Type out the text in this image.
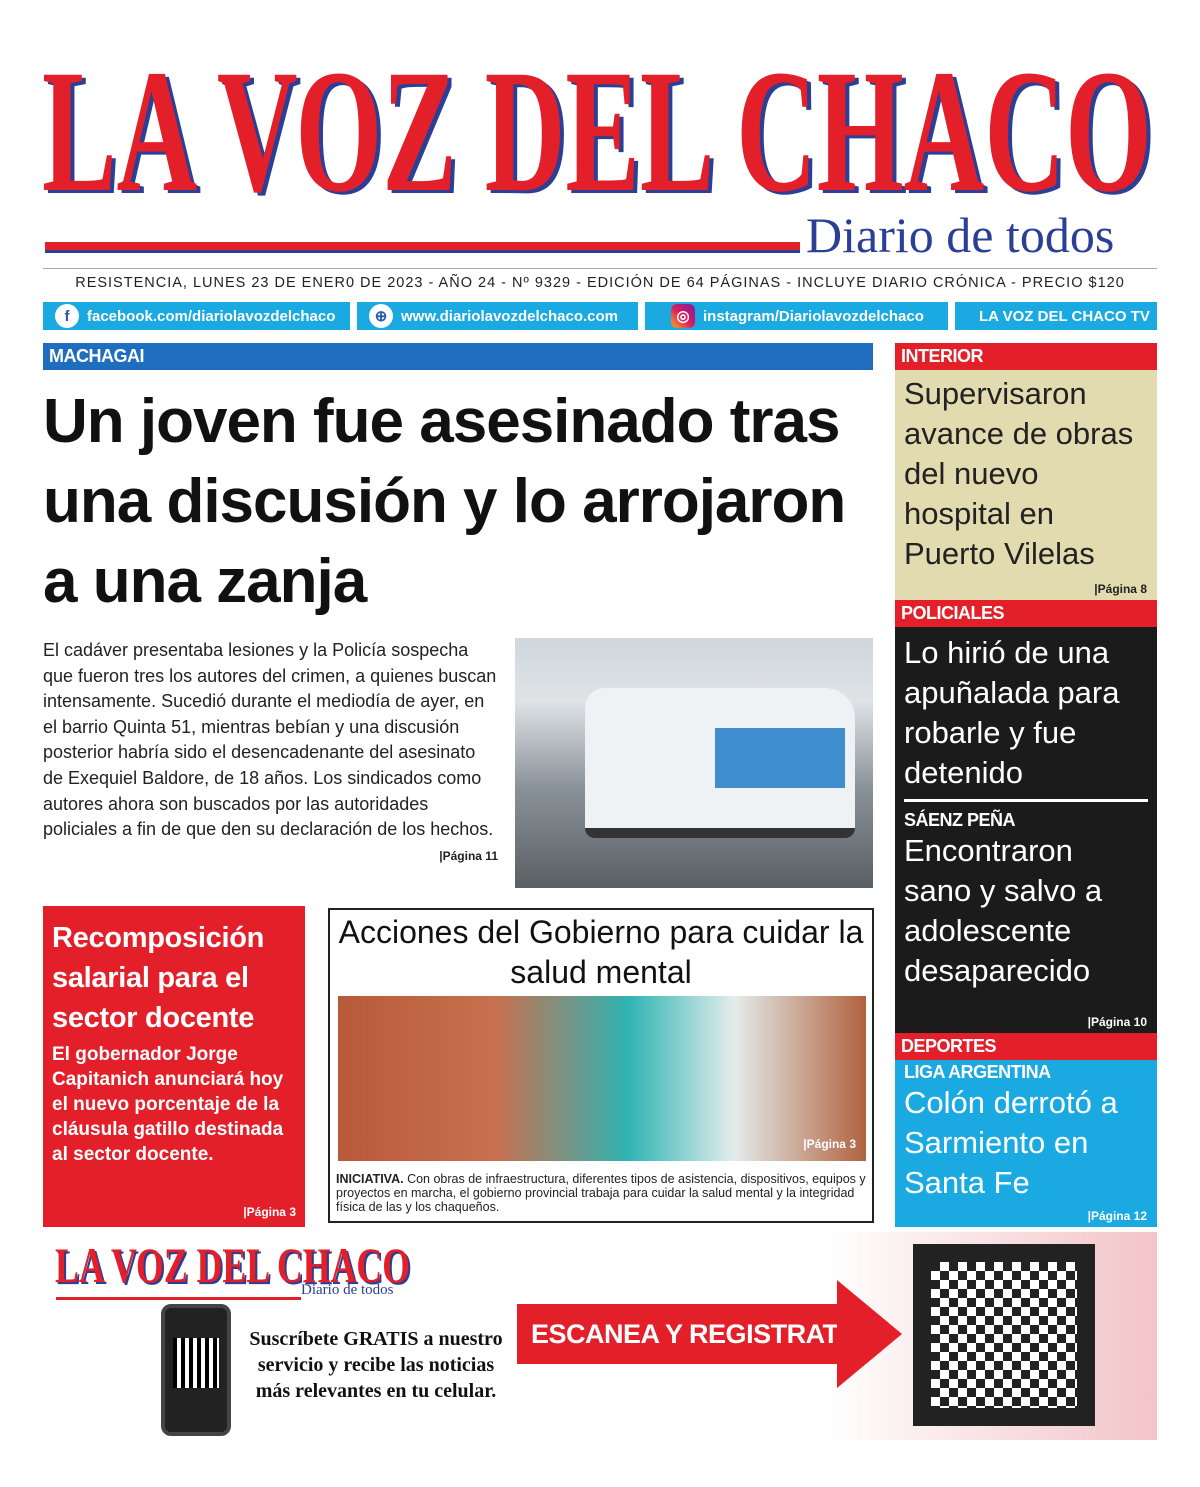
LA VOZ DEL CHACO
Diario de todos
RESISTENCIA, LUNES 23 DE ENER0 DE 2023 - AÑO 24 - Nº 9329 - EDICIÓN DE 64 PÁGINAS - INCLUYE DIARIO CRÓNICA - PRECIO $120
f	facebook.com/diariolavozdelchaco	⊕ www.diariolavozdelchaco.com	◎ instagram/Diariolavozdelchaco	LA VOZ DEL CHACO TV
MACHAGAI
Un joven fue asesinado tras una discusión y lo arrojaron a una zanja
El cadáver presentaba lesiones y la Policía sospecha que fueron tres los autores del crimen, a quienes buscan intensamente. Sucedió durante el mediodía de ayer, en el barrio Quinta 51, mientras bebían y una discusión posterior habría sido el desencadenante del asesinato de Exequiel Baldore, de 18 años. Los sindicados como autores ahora son buscados por las autoridades policiales a fin de que den su declaración de los hechos.
|Página 11
Recomposición salarial para el sector docente

El gobernador Jorge Capitanich anunciará hoy el nuevo porcentaje de la cláusula gatillo destinada al sector docente.

|Página 3
Acciones del Gobierno para cuidar la salud mental
|Página 3
INICIATIVA. Con obras de infraestructura, diferentes tipos de asistencia, dispositivos, equipos y proyectos en marcha, el gobierno provincial trabaja para cuidar la salud mental y la integridad física de las y los chaqueños.
INTERIOR
Supervisaron avance de obras del nuevo hospital en Puerto Vilelas
|Página 8
POLICIALES
Lo hirió de una apuñalada para robarle y fue detenido
SÁENZ PEÑA
Encontraron sano y salvo a adolescente desaparecido
|Página 10
DEPORTES
LIGA ARGENTINA
Colón derrotó a Sarmiento en Santa Fe
|Página 12
LA VOZ DEL CHACO
Diario de todos
Suscríbete GRATIS a nuestro servicio y recibe las noticias más relevantes en tu celular.
ESCANEA Y REGISTRATE
